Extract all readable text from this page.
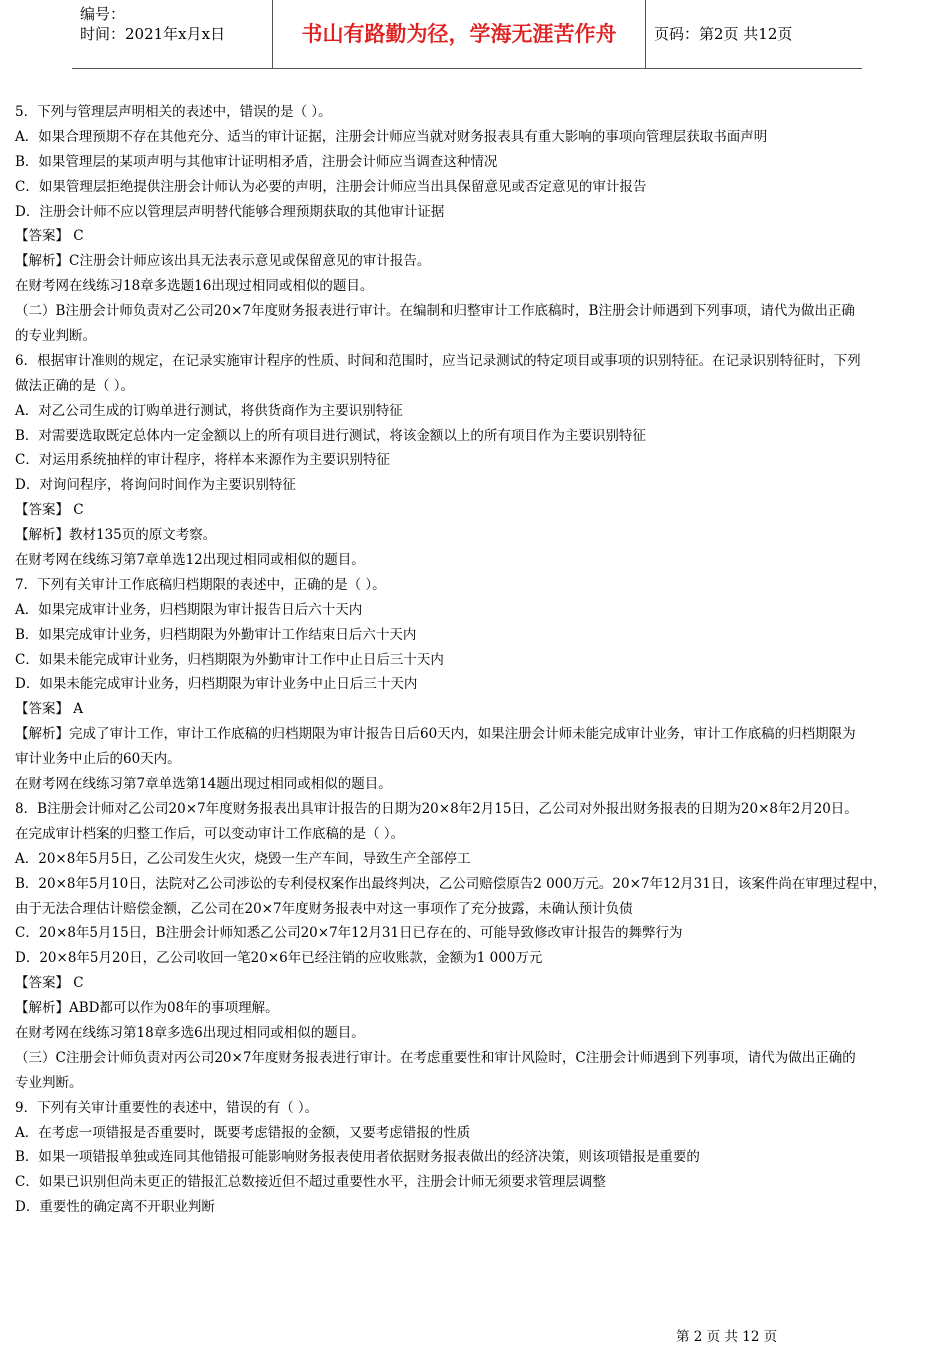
编号：
时间：2021年x月x日	书山有路勤为径，学海无涯苦作舟	页码：第2页 共12页
5．下列与管理层声明相关的表述中，错误的是（ ）。
A．如果合理预期不存在其他充分、适当的审计证据，注册会计师应当就对财务报表具有重大影响的事项向管理层获取书面声明
B．如果管理层的某项声明与其他审计证明相矛盾，注册会计师应当调查这种情况
C．如果管理层拒绝提供注册会计师认为必要的声明，注册会计师应当出具保留意见或否定意见的审计报告
D．注册会计师不应以管理层声明替代能够合理预期获取的其他审计证据
【答案】 C
【解析】C注册会计师应该出具无法表示意见或保留意见的审计报告。
在财考网在线练习18章多选题16出现过相同或相似的题目。
（二）B注册会计师负责对乙公司20×7年度财务报表进行审计。在编制和归整审计工作底稿时，B注册会计师遇到下列事项，请代为做出正确
的专业判断。
6．根据审计准则的规定，在记录实施审计程序的性质、时间和范围时，应当记录测试的特定项目或事项的识别特征。在记录识别特征时，下列
做法正确的是（ ）。
A．对乙公司生成的订购单进行测试，将供货商作为主要识别特征
B．对需要选取既定总体内一定金额以上的所有项目进行测试，将该金额以上的所有项目作为主要识别特征
C．对运用系统抽样的审计程序，将样本来源作为主要识别特征
D．对询问程序，将询问时间作为主要识别特征
【答案】 C
【解析】教材135页的原文考察。
在财考网在线练习第7章单选12出现过相同或相似的题目。
7．下列有关审计工作底稿归档期限的表述中，正确的是（ ）。
A．如果完成审计业务，归档期限为审计报告日后六十天内
B．如果完成审计业务，归档期限为外勤审计工作结束日后六十天内
C．如果未能完成审计业务，归档期限为外勤审计工作中止日后三十天内
D．如果未能完成审计业务，归档期限为审计业务中止日后三十天内
【答案】 A
【解析】完成了审计工作，审计工作底稿的归档期限为审计报告日后60天内，如果注册会计师未能完成审计业务，审计工作底稿的归档期限为
审计业务中止后的60天内。
在财考网在线练习第7章单选第14题出现过相同或相似的题目。
8．B注册会计师对乙公司20×7年度财务报表出具审计报告的日期为20×8年2月15日，乙公司对外报出财务报表的日期为20×8年2月20日。
在完成审计档案的归整工作后，可以变动审计工作底稿的是（ ）。
A．20×8年5月5日，乙公司发生火灾，烧毁一生产车间，导致生产全部停工
B．20×8年5月10日，法院对乙公司涉讼的专利侵权案作出最终判决，乙公司赔偿原告2 000万元。20×7年12月31日，该案件尚在审理过程中，
由于无法合理估计赔偿金额，乙公司在20×7年度财务报表中对这一事项作了充分披露，未确认预计负债
C．20×8年5月15日，B注册会计师知悉乙公司20×7年12月31日已存在的、可能导致修改审计报告的舞弊行为
D．20×8年5月20日，乙公司收回一笔20×6年已经注销的应收账款，金额为1 000万元
【答案】 C
【解析】ABD都可以作为08年的事项理解。
在财考网在线练习第18章多选6出现过相同或相似的题目。
（三）C注册会计师负责对丙公司20×7年度财务报表进行审计。在考虑重要性和审计风险时，C注册会计师遇到下列事项，请代为做出正确的
专业判断。
9．下列有关审计重要性的表述中，错误的有（ ）。
A．在考虑一项错报是否重要时，既要考虑错报的金额，又要考虑错报的性质
B．如果一项错报单独或连同其他错报可能影响财务报表使用者依据财务报表做出的经济决策，则该项错报是重要的
C．如果已识别但尚未更正的错报汇总数接近但不超过重要性水平，注册会计师无须要求管理层调整
D．重要性的确定离不开职业判断
第 2 页 共 12 页
